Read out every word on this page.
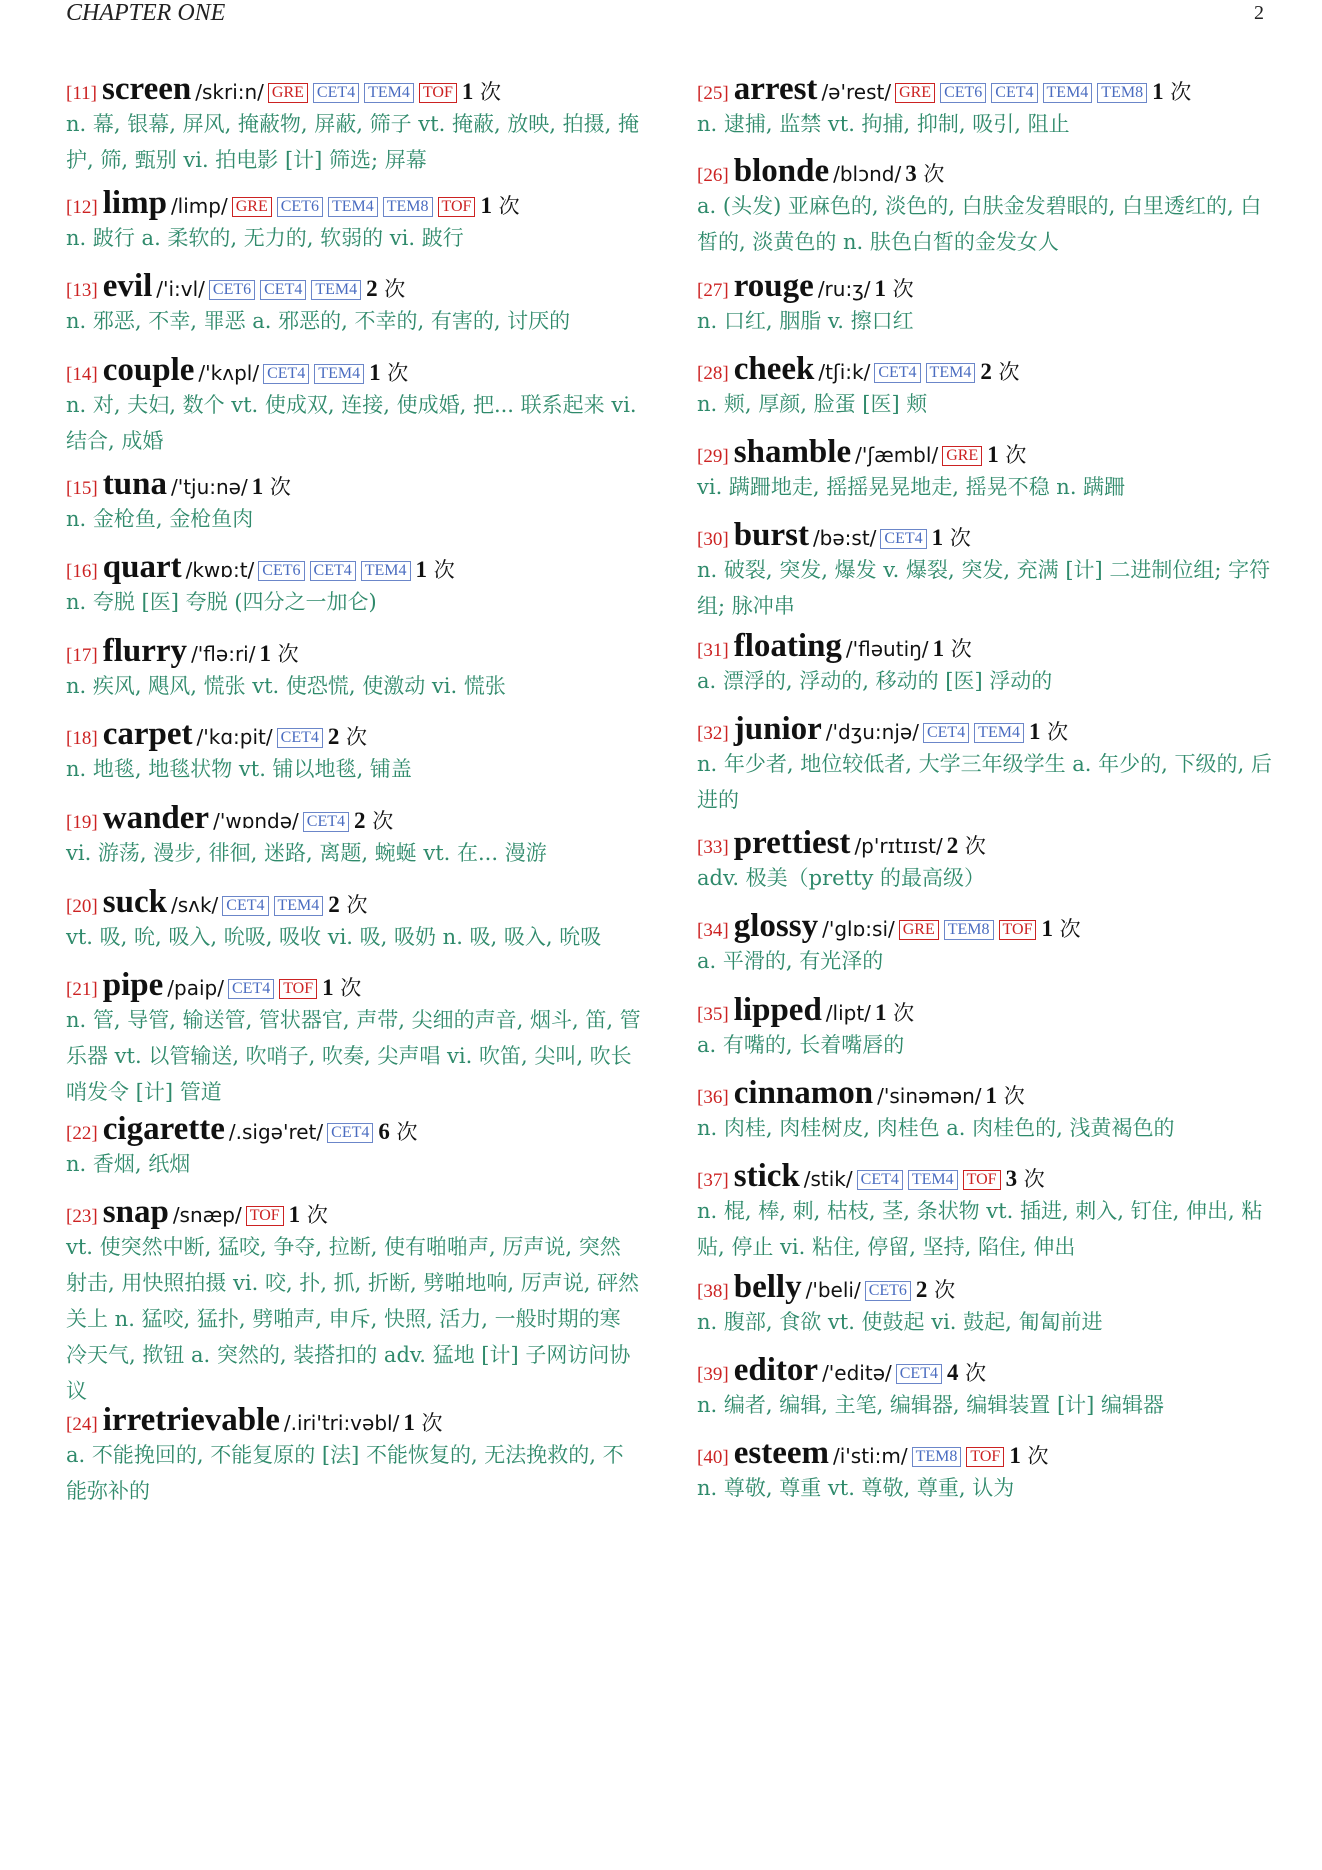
CHAPTER ONE	2
[11] screen /skri:n/ GRE CET4 TEM4 TOF 1 次
n. 幕, 银幕, 屏风, 掩蔽物, 屏蔽, 筛子 vt. 掩蔽, 放映, 拍摄, 掩护, 筛, 甄别 vi. 拍电影 [计] 筛选; 屏幕
[12] limp /limp/ GRE CET6 TEM4 TEM8 TOF 1 次
n. 跛行 a. 柔软的, 无力的, 软弱的 vi. 跛行
[13] evil /'i:vl/ CET6 CET4 TEM4 2 次
n. 邪恶, 不幸, 罪恶 a. 邪恶的, 不幸的, 有害的, 讨厌的
[14] couple /'kʌpl/ CET4 TEM4 1 次
n. 对, 夫妇, 数个 vt. 使成双, 连接, 使成婚, 把... 联系起来 vi. 结合, 成婚
[15] tuna /'tju:nə/ 1 次
n. 金枪鱼, 金枪鱼肉
[16] quart /kwɒ:t/ CET6 CET4 TEM4 1 次
n. 夸脱 [医] 夸脱 (四分之一加仑)
[17] flurry /'flə:ri/ 1 次
n. 疾风, 飓风, 慌张 vt. 使恐慌, 使激动 vi. 慌张
[18] carpet /'kɑ:pit/ CET4 2 次
n. 地毯, 地毯状物 vt. 铺以地毯, 铺盖
[19] wander /'wɒndə/ CET4 2 次
vi. 游荡, 漫步, 徘徊, 迷路, 离题, 蜿蜒 vt. 在... 漫游
[20] suck /sʌk/ CET4 TEM4 2 次
vt. 吸, 吮, 吸入, 吮吸, 吸收 vi. 吸, 吸奶 n. 吸, 吸入, 吮吸
[21] pipe /paip/ CET4 TOF 1 次
n. 管, 导管, 输送管, 管状器官, 声带, 尖细的声音, 烟斗, 笛, 管乐器 vt. 以管输送, 吹哨子, 吹奏, 尖声唱 vi. 吹笛, 尖叫, 吹长哨发令 [计] 管道
[22] cigarette /.sigə'ret/ CET4 6 次
n. 香烟, 纸烟
[23] snap /snæp/ TOF 1 次
vt. 使突然中断, 猛咬, 争夺, 拉断, 使有啪啪声, 厉声说, 突然射击, 用快照拍摄 vi. 咬, 扑, 抓, 折断, 劈啪地响, 厉声说, 砰然关上 n. 猛咬, 猛扑, 劈啪声, 申斥, 快照, 活力, 一般时期的寒冷天气, 揿钮 a. 突然的, 装搭扣的 adv. 猛地 [计] 子网访问协议
[24] irretrievable /.iri'tri:vəbl/ 1 次
a. 不能挽回的, 不能复原的 [法] 不能恢复的, 无法挽救的, 不能弥补的
[25] arrest /ə'rest/ GRE CET6 CET4 TEM4 TEM8 1 次
n. 逮捕, 监禁 vt. 拘捕, 抑制, 吸引, 阻止
[26] blonde /blɔnd/ 3 次
a. (头发) 亚麻色的, 淡色的, 白肤金发碧眼的, 白里透红的, 白皙的, 淡黄色的 n. 肤色白皙的金发女人
[27] rouge /ru:ʒ/ 1 次
n. 口红, 胭脂 v. 擦口红
[28] cheek /tʃi:k/ CET4 TEM4 2 次
n. 颊, 厚颜, 脸蛋 [医] 颊
[29] shamble /'ʃæmbl/ GRE 1 次
vi. 蹒跚地走, 摇摇晃晃地走, 摇晃不稳 n. 蹒跚
[30] burst /bə:st/ CET4 1 次
n. 破裂, 突发, 爆发 v. 爆裂, 突发, 充满 [计] 二进制位组; 字符组; 脉冲串
[31] floating /'fləutiŋ/ 1 次
a. 漂浮的, 浮动的, 移动的 [医] 浮动的
[32] junior /'dʒu:njə/ CET4 TEM4 1 次
n. 年少者, 地位较低者, 大学三年级学生 a. 年少的, 下级的, 后进的
[33] prettiest /p'rɪtɪɪst/ 2 次
adv. 极美（pretty 的最高级）
[34] glossy /'glɒ:si/ GRE TEM8 TOF 1 次
a. 平滑的, 有光泽的
[35] lipped /lipt/ 1 次
a. 有嘴的, 长着嘴唇的
[36] cinnamon /'sinəmən/ 1 次
n. 肉桂, 肉桂树皮, 肉桂色 a. 肉桂色的, 浅黄褐色的
[37] stick /stik/ CET4 TEM4 TOF 3 次
n. 棍, 棒, 刺, 枯枝, 茎, 条状物 vt. 插进, 刺入, 钉住, 伸出, 粘贴, 停止 vi. 粘住, 停留, 坚持, 陷住, 伸出
[38] belly /'beli/ CET6 2 次
n. 腹部, 食欲 vt. 使鼓起 vi. 鼓起, 匍匐前进
[39] editor /'editə/ CET4 4 次
n. 编者, 编辑, 主笔, 编辑器, 编辑装置 [计] 编辑器
[40] esteem /i'sti:m/ TEM8 TOF 1 次
n. 尊敬, 尊重 vt. 尊敬, 尊重, 认为
